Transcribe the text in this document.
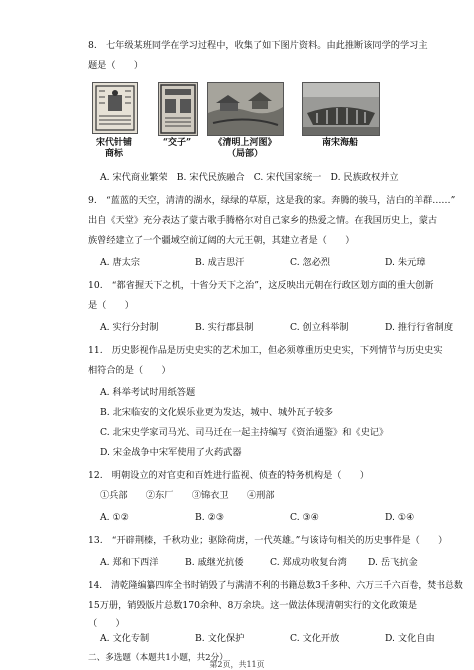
8.　七年级某班同学在学习过程中，收集了如下图片资料。由此推断该同学的学习主
题是（　　）
宋代针铺
商标
“交子”	《清明上河图》
（局部）
南宋海船
A. 宋代商业繁荣　B. 宋代民族融合　C. 宋代国家统一　D. 民族政权并立
9.　“蓝蓝的天空，清清的湖水，绿绿的草原，这是我的家。奔腾的骏马，洁白的羊群……”
出自《天堂》充分表达了蒙古歌手腾格尔对自己家乡的热爱之情。在我国历史上，蒙古
族曾经建立了一个疆域空前辽阔的大元王朝，其建立者是（　　）
A. 唐太宗	B. 成吉思汗	C. 忽必烈	D. 朱元璋
10.　“都省握天下之机，十省分天下之治”，这反映出元朝在行政区划方面的重大创新
是（　　）
A. 实行分封制	B. 实行郡县制	C. 创立科举制	D. 推行行省制度
11.　历史影视作品是历史史实的艺术加工，但必须尊重历史史实，下列情节与历史史实
相符合的是（　　）
A. 科举考试时用纸答题
B. 北宋临安的文化娱乐业更为发达，城中、城外瓦子较多
C. 北宋史学家司马光、司马迁在一起主持编写《资治通鉴》和《史记》
D. 宋金战争中宋军使用了火药武器
12.　明朝设立的对官吏和百姓进行监视、侦查的特务机构是（　　）
①兵部　　②东厂　　③锦衣卫　　④刑部
A. ①②	B. ②③	C. ③④	D. ①④
13.　“开辟荆榛，千秋功业；驱除荷虏，一代英雄。”与该诗句相关的历史事件是（　　）
A. 郑和下西洋	B. 戚继光抗倭	C. 郑成功收复台湾 D. 岳飞抗金
14.　清乾隆编纂四库全书时销毁了与满清不利的书籍总数3千多种、六万三千六百卷，焚书总数
15万册，销毁版片总数170余种、8万余块。这一做法体现清朝实行的文化政策是
（　　）
A. 文化专制	B. 文化保护	C. 文化开放	D. 文化自由
二、多选题（本题共1小题，共2分）
第2页，共11页
